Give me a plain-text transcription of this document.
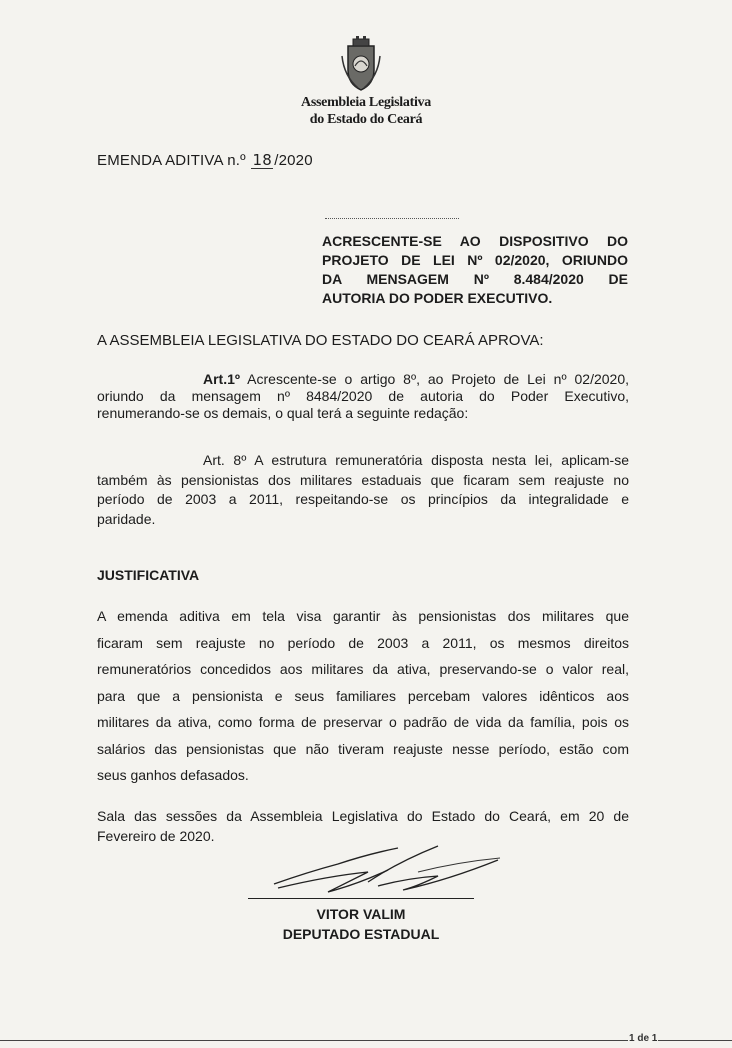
Assembleia Legislativa
do Estado do Ceará
EMENDA ADITIVA n.º 18 /2020
ACRESCENTE-SE AO DISPOSITIVO DO
PROJETO DE LEI Nº 02/2020, ORIUNDO
DA MENSAGEM Nº 8.484/2020 DE
AUTORIA DO PODER EXECUTIVO.
A ASSEMBLEIA LEGISLATIVA DO ESTADO DO CEARÁ APROVA:
Art.1º Acrescente-se o artigo 8º, ao Projeto de Lei nº 02/2020,
oriundo da mensagem nº 8484/2020 de autoria do Poder Executivo,
renumerando-se os demais, o qual terá a seguinte redação:
Art. 8º A estrutura remuneratória disposta nesta lei, aplicam-se
também às pensionistas dos militares estaduais que ficaram sem reajuste no
período de 2003 a 2011, respeitando-se os princípios da integralidade e
paridade.
JUSTIFICATIVA
A emenda aditiva em tela visa garantir às pensionistas dos militares que
ficaram sem reajuste no período de 2003 a 2011, os mesmos direitos
remuneratórios concedidos aos militares da ativa, preservando-se o valor real,
para que a pensionista e seus familiares percebam valores idênticos aos
militares da ativa, como forma de preservar o padrão de vida da família, pois os
salários das pensionistas que não tiveram reajuste nesse período, estão com
seus ganhos defasados.
Sala das sessões da Assembleia Legislativa do Estado do Ceará, em 20 de
Fevereiro de 2020.
VITOR VALIM
DEPUTADO ESTADUAL
1 de 1
